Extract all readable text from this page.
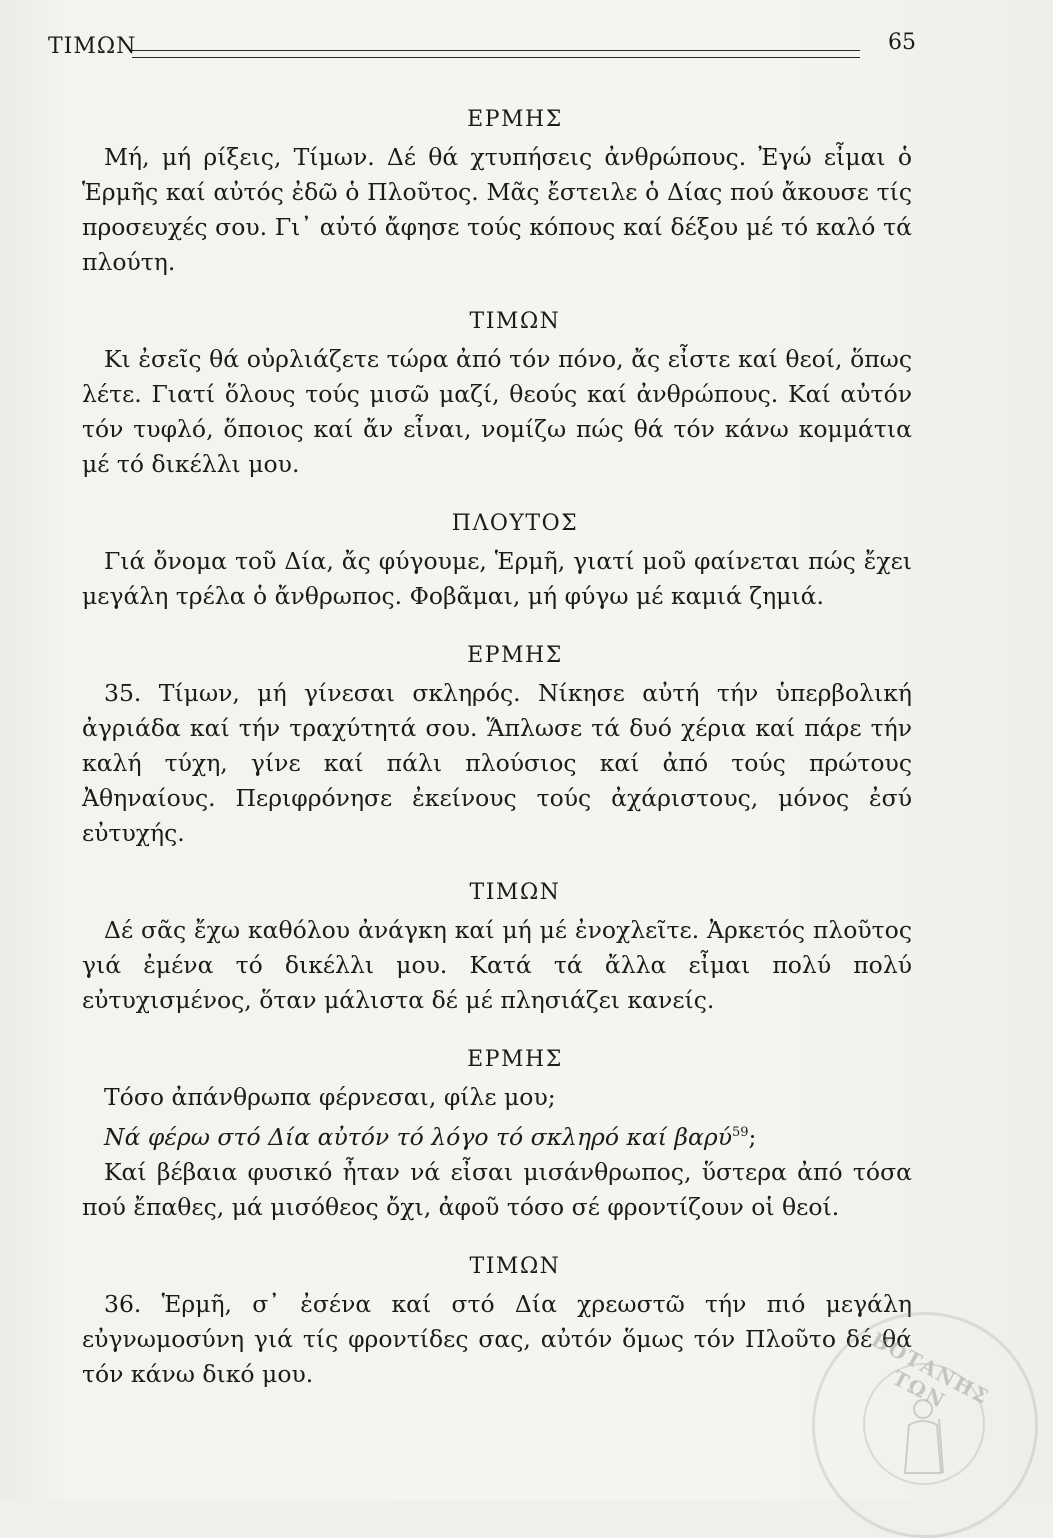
ΤΙΜΩΝ	65

ΕΡΜΗΣ

Μή, μή ρίξεις, Τίμων. Δέ θά χτυπήσεις ἀνθρώπους. Ἐγώ εἶμαι ὁ Ἑρμῆς καί αὐτός ἐδῶ ὁ Πλοῦτος. Μᾶς ἔστειλε ὁ Δίας πού ἄκουσε τίς προσευχές σου. Γι᾿ αὐτό ἄφησε τούς κόπους καί δέξου μέ τό καλό τά πλούτη.

ΤΙΜΩΝ

Κι ἐσεῖς θά οὐρλιάζετε τώρα ἀπό τόν πόνο, ἄς εἶστε καί θεοί, ὅπως λέτε. Γιατί ὅλους τούς μισῶ μαζί, θεούς καί ἀνθρώπους. Καί αὐτόν τόν τυφλό, ὅποιος καί ἄν εἶναι, νομίζω πώς θά τόν κάνω κομμάτια μέ τό δικέλλι μου.

ΠΛΟΥΤΟΣ

Γιά ὄνομα τοῦ Δία, ἄς φύγουμε, Ἑρμῆ, γιατί μοῦ φαίνεται πώς ἔχει μεγάλη τρέλα ὁ ἄνθρωπος. Φοβᾶμαι, μή φύγω μέ καμιά ζημιά.

ΕΡΜΗΣ

35. Τίμων, μή γίνεσαι σκληρός. Νίκησε αὐτή τήν ὑπερβολική ἀγριάδα καί τήν τραχύτητά σου. Ἅπλωσε τά δυό χέρια καί πάρε τήν καλή τύχη, γίνε καί πάλι πλούσιος καί ἀπό τούς πρώτους Ἀθηναίους. Περιφρόνησε ἐκείνους τούς ἀχάριστους, μόνος ἐσύ εὐτυχής.

ΤΙΜΩΝ

Δέ σᾶς ἔχω καθόλου ἀνάγκη καί μή μέ ἐνοχλεῖτε. Ἀρκετός πλοῦτος γιά ἐμένα τό δικέλλι μου. Κατά τά ἄλλα εἶμαι πολύ πολύ εὐτυχισμένος, ὅταν μάλιστα δέ μέ πλησιάζει κανείς.

ΕΡΜΗΣ

Τόσο ἀπάνθρωπα φέρνεσαι, φίλε μου;

Νά φέρω στό Δία αὐτόν τό λόγο τό σκληρό καί βαρύ$^{59}$;

Καί βέβαια φυσικό ἦταν νά εἶσαι μισάνθρωπος, ὕστερα ἀπό τόσα πού ἔπαθες, μά μισόθεος ὄχι, ἀφοῦ τόσο σέ φροντίζουν οἱ θεοί.

ΤΙΜΩΝ

36. Ἑρμῆ, σ᾿ ἐσένα καί στό Δία χρεωστῶ τήν πιό μεγάλη εὐγνωμοσύνη γιά τίς φροντίδες σας, αὐτόν ὅμως τόν Πλοῦτο δέ θά τόν κάνω δικό μου.	ΒΟΤΑΝΗΣ ΤΩΝ
